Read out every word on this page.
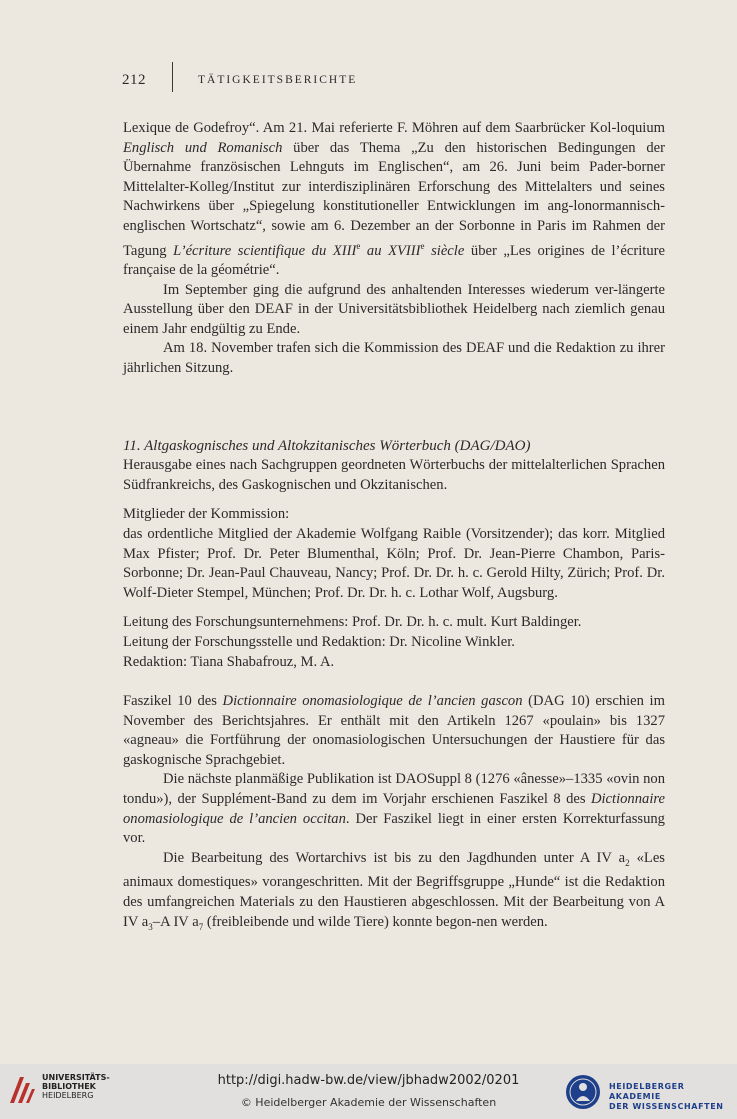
212	TÄTIGKEITSBERICHTE

Lexique de Godefroy“. Am 21. Mai referierte F. Möhren auf dem Saarbrücker Kol-loquium Englisch und Romanisch über das Thema „Zu den historischen Bedingungen der Übernahme französischen Lehnguts im Englischen“, am 26. Juni beim Pader-borner Mittelalter-Kolleg/Institut zur interdisziplinären Erforschung des Mittelalters und seines Nachwirkens über „Spiegelung konstitutioneller Entwicklungen im ang-lonormannisch-englischen Wortschatz“, sowie am 6. Dezember an der Sorbonne in Paris im Rahmen der Tagung L’écriture scientifique du XIIIe au XVIIIe siècle über „Les origines de l’écriture française de la géométrie“.

Im September ging die aufgrund des anhaltenden Interesses wiederum ver-längerte Ausstellung über den DEAF in der Universitätsbibliothek Heidelberg nach ziemlich genau einem Jahr endgültig zu Ende.

Am 18. November trafen sich die Kommission des DEAF und die Redaktion zu ihrer jährlichen Sitzung.

11. Altgaskognisches und Altokzitanisches Wörterbuch (DAG/DAO)

Herausgabe eines nach Sachgruppen geordneten Wörterbuchs der mittelalterlichen Sprachen Südfrankreichs, des Gaskognischen und Okzitanischen.

Mitglieder der Kommission:

das ordentliche Mitglied der Akademie Wolfgang Raible (Vorsitzender); das korr. Mitglied Max Pfister; Prof. Dr. Peter Blumenthal, Köln; Prof. Dr. Jean-Pierre Chambon, Paris-Sorbonne; Dr. Jean-Paul Chauveau, Nancy; Prof. Dr. Dr. h. c. Gerold Hilty, Zürich; Prof. Dr. Wolf-Dieter Stempel, München; Prof. Dr. Dr. h. c. Lothar Wolf, Augsburg.

Leitung des Forschungsunternehmens: Prof. Dr. Dr. h. c. mult. Kurt Baldinger.

Leitung der Forschungsstelle und Redaktion: Dr. Nicoline Winkler.

Redaktion: Tiana Shabafrouz, M. A.

Faszikel 10 des Dictionnaire onomasiologique de l’ancien gascon (DAG 10) erschien im November des Berichtsjahres. Er enthält mit den Artikeln 1267 «poulain» bis 1327 «agneau» die Fortführung der onomasiologischen Untersuchungen der Haustiere für das gaskognische Sprachgebiet.

Die nächste planmäßige Publikation ist DAOSuppl 8 (1276 «ânesse»–1335 «ovin non tondu»), der Supplément-Band zu dem im Vorjahr erschienen Faszikel 8 des Dictionnaire onomasiologique de l’ancien occitan. Der Faszikel liegt in einer ersten Korrekturfassung vor.

Die Bearbeitung des Wortarchivs ist bis zu den Jagdhunden unter A IV $a_2$ «Les animaux domestiques» vorangeschritten. Mit der Begriffsgruppe „Hunde“ ist die Redaktion des umfangreichen Materials zu den Haustieren abgeschlossen. Mit der Bearbeitung von A IV $a_3-A$ IV $a_7$ (freibleibende und wilde Tiere) konnte begon-nen werden.

UNIVERSITÄTS-
BIBLIOTHEK
HEIDELBERG
http://digi.hadw-bw.de/view/jbhadw2002/0201
© Heidelberger Akademie der Wissenschaften
HEIDELBERGER AKADEMIE
DER WISSENSCHAFTEN
